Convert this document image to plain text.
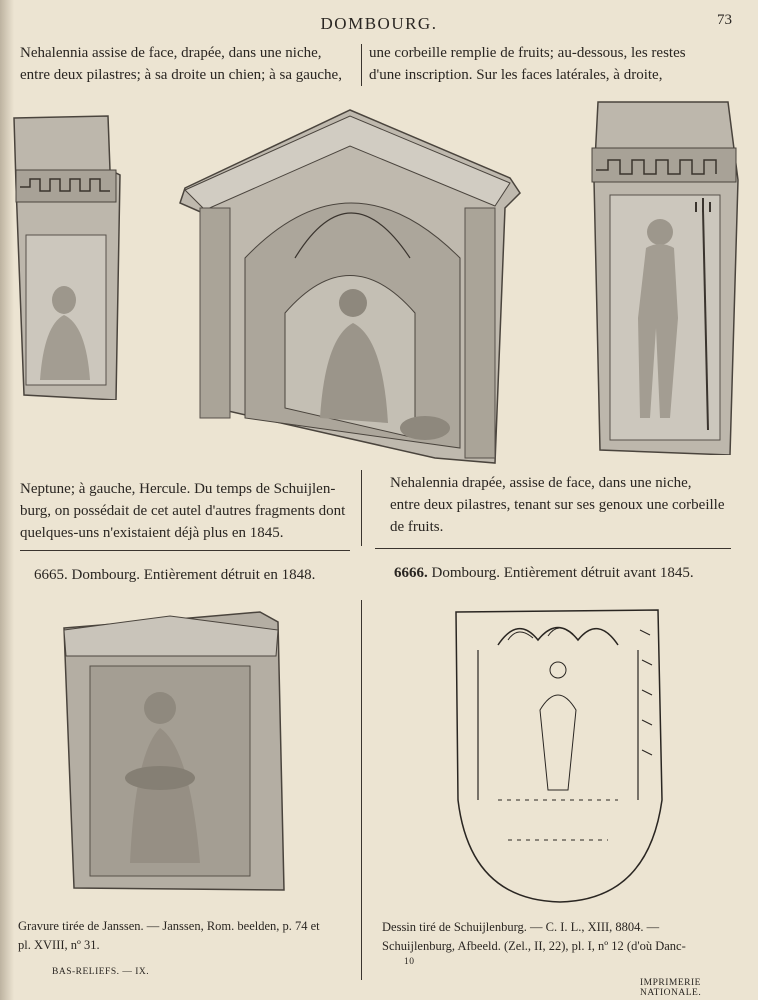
DOMBOURG.	73
Nehalennia assise de face, drapée, dans une niche,
entre deux pilastres; à sa droite un chien; à sa gauche,
une corbeille remplie de fruits; au-dessous, les restes
d'une inscription. Sur les faces latérales, à droite,
Neptune; à gauche, Hercule. Du temps de Schuijlen-
burg, on possédait de cet autel d'autres fragments dont
quelques-uns n'existaient déjà plus en 1845.
Nehalennia drapée, assise de face, dans une niche,
entre deux pilastres, tenant sur ses genoux une corbeille
de fruits.
6665. Dombourg. Entièrement détruit en 1848.	6666. Dombourg. Entièrement détruit avant 1845.
Gravure tirée de Janssen. — Janssen, Rom. beelden, p. 74 et
pl. XVIII, nº 31.
Dessin tiré de Schuijlenburg. — C. I. L., XIII, 8804. —
Schuijlenburg, Afbeeld. (Zel., II, 22), pl. I, nº 12 (d'où Danc-
BAS-RELIEFS. — IX.
10
IMPRIMERIE NATIONALE.
